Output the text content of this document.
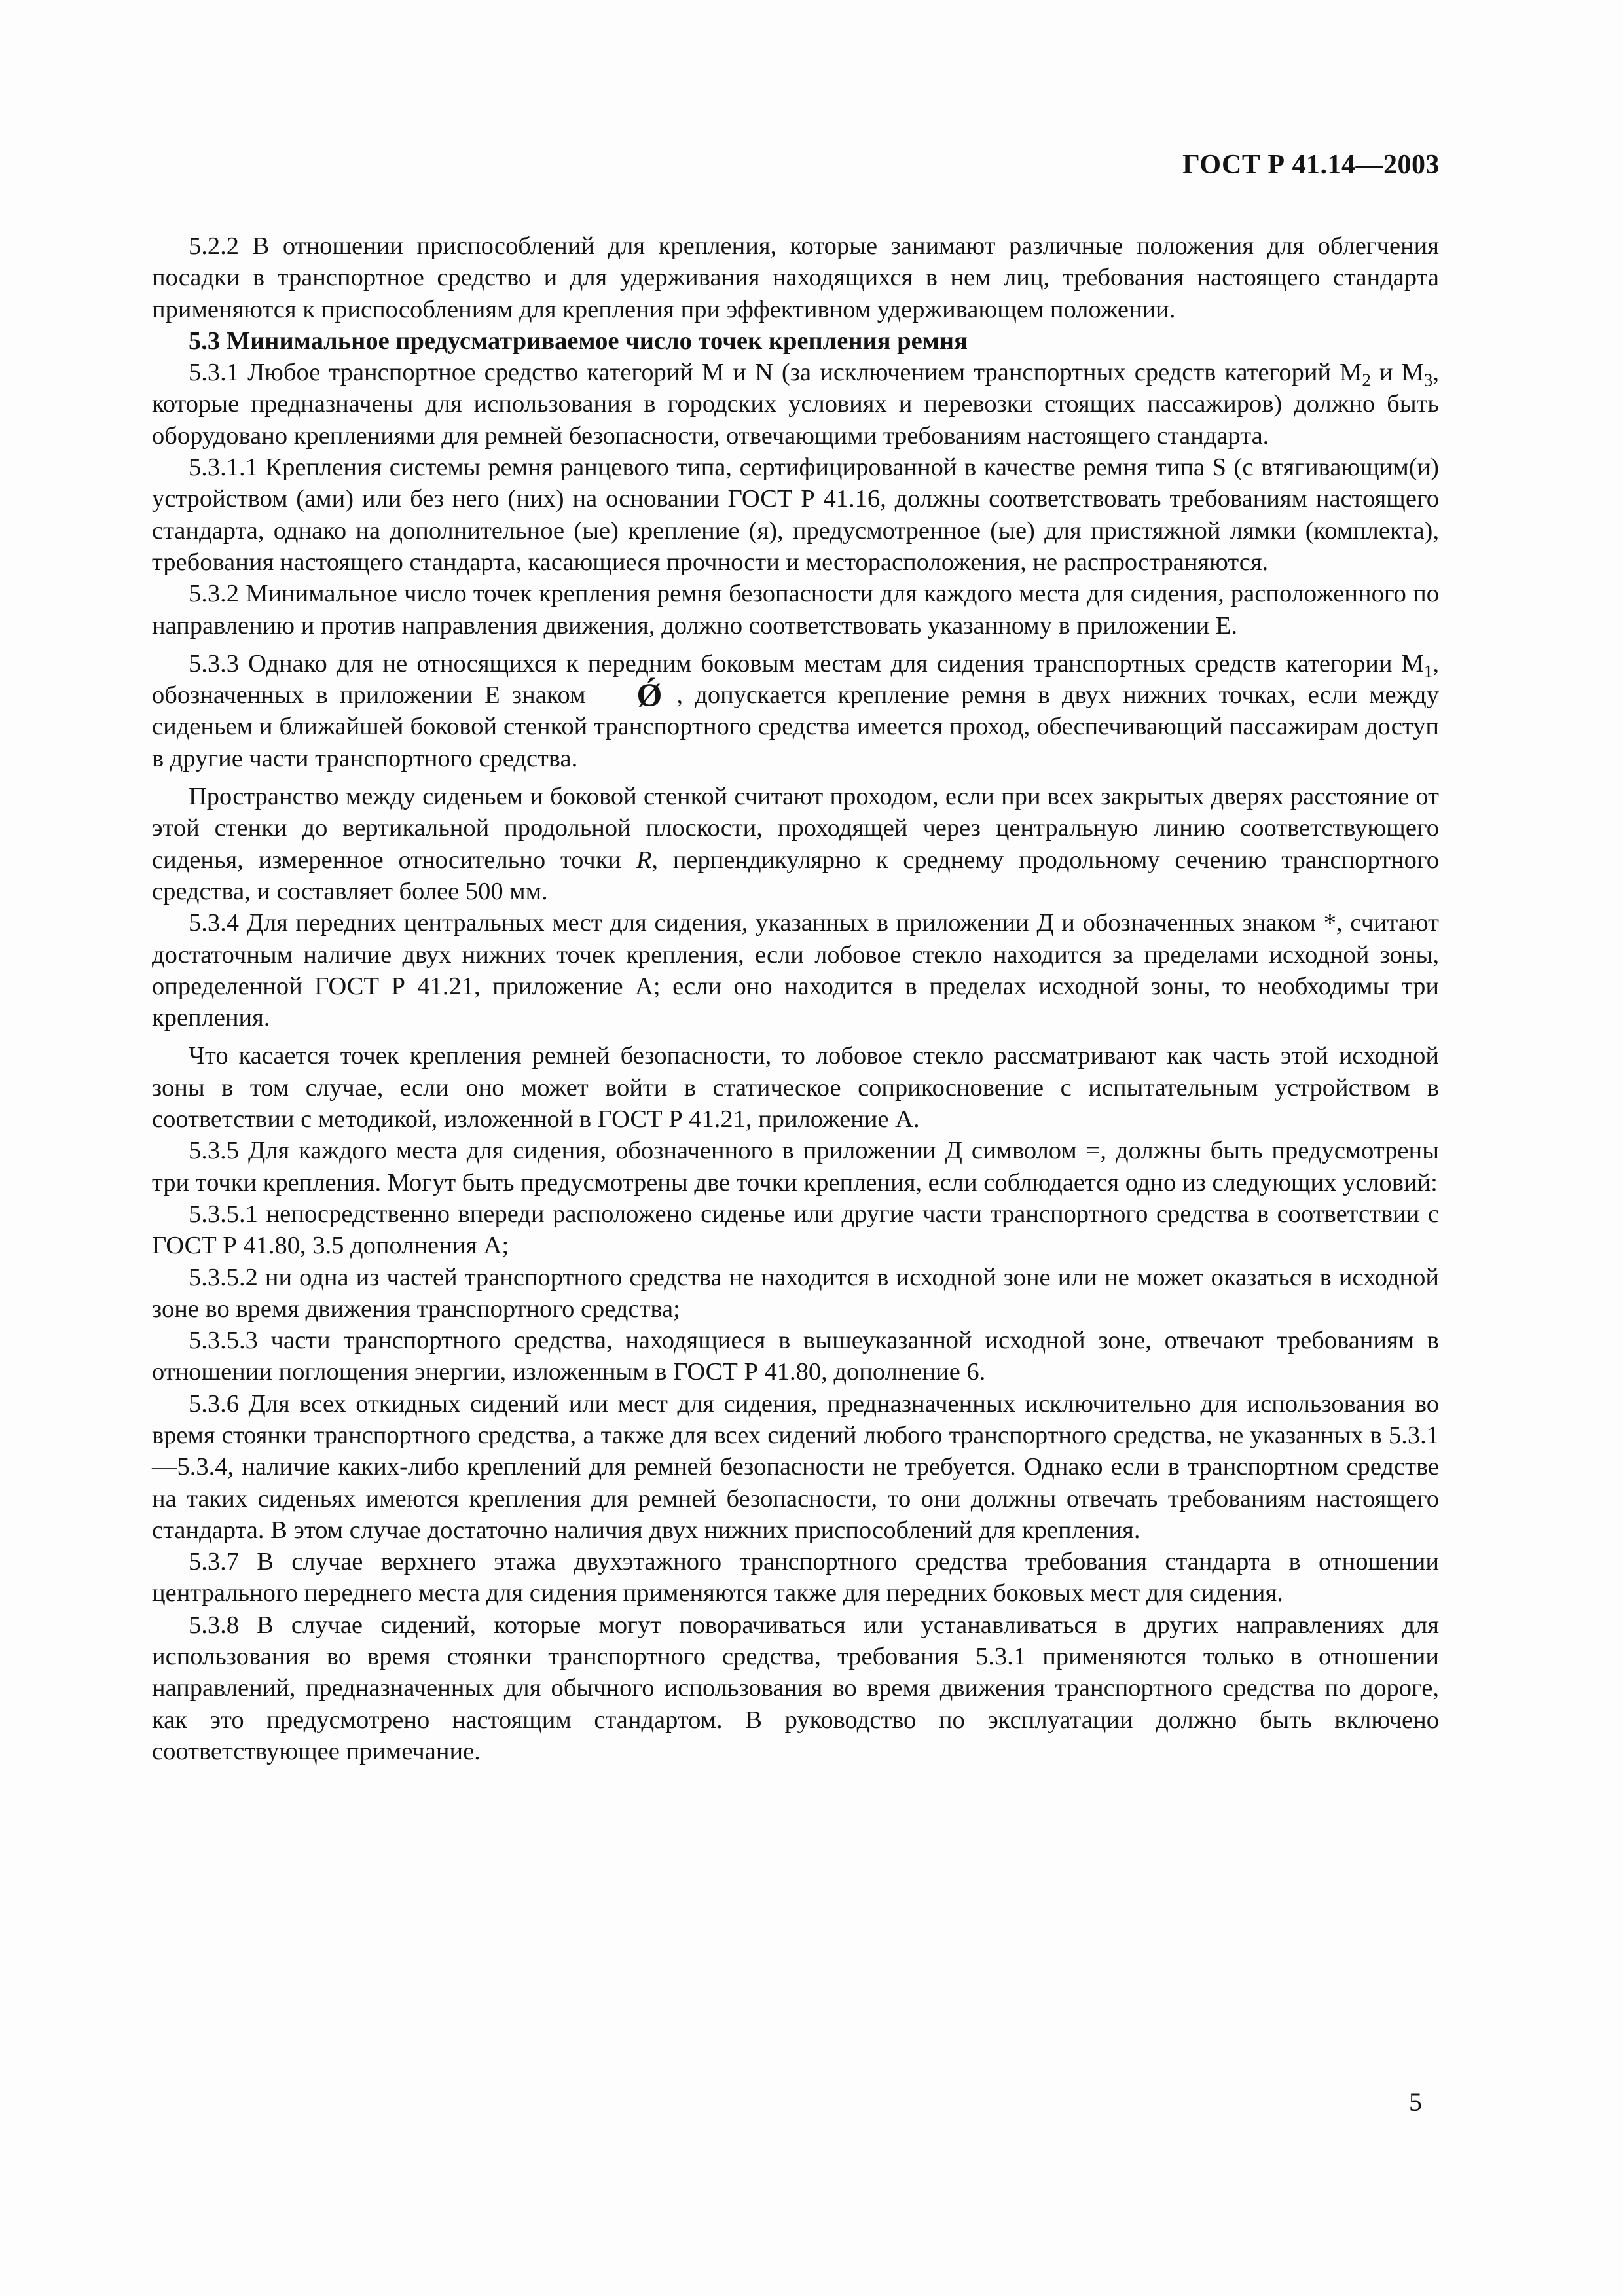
ГОСТ Р 41.14—2003

5.2.2 В отношении приспособлений для крепления, которые занимают различные положения для облегчения посадки в транспортное средство и для удерживания находящихся в нем лиц, требования настоящего стандарта применяются к приспособлениям для крепления при эффективном удерживающем положении.

5.3 Минимальное предусматриваемое число точек крепления ремня

5.3.1 Любое транспортное средство категорий М и N (за исключением транспортных средств категорий $М_2$ и $М_3$, которые предназначены для использования в городских условиях и перевозки стоящих пассажиров) должно быть оборудовано креплениями для ремней безопасности, отвечающими требованиям настоящего стандарта.

5.3.1.1 Крепления системы ремня ранцевого типа, сертифицированной в качестве ремня типа S (с втягивающим(и) устройством (ами) или без него (них) на основании ГОСТ Р 41.16, должны соответствовать требованиям настоящего стандарта, однако на дополнительное (ые) крепление (я), предусмотренное (ые) для пристяжной лямки (комплекта), требования настоящего стандарта, касающиеся прочности и месторасположения, не распространяются.

5.3.2 Минимальное число точек крепления ремня безопасности для каждого места для сидения, расположенного по направлению и против направления движения, должно соответствовать указанному в приложении Е.

5.3.3 Однако для не относящихся к передним боковым местам для сидения транспортных средств категории $М_1$, обозначенных в приложении Е знаком Ǿ , допускается крепление ремня в двух нижних точках, если между сиденьем и ближайшей боковой стенкой транспортного средства имеется проход, обеспечивающий пассажирам доступ в другие части транспортного средства.

Пространство между сиденьем и боковой стенкой считают проходом, если при всех закрытых дверях расстояние от этой стенки до вертикальной продольной плоскости, проходящей через центральную линию соответствующего сиденья, измеренное относительно точки R, перпендикулярно к среднему продольному сечению транспортного средства, и составляет более 500 мм.

5.3.4 Для передних центральных мест для сидения, указанных в приложении Д и обозначенных знаком *, считают достаточным наличие двух нижних точек крепления, если лобовое стекло находится за пределами исходной зоны, определенной ГОСТ Р 41.21, приложение А; если оно находится в пределах исходной зоны, то необходимы три крепления.

Что касается точек крепления ремней безопасности, то лобовое стекло рассматривают как часть этой исходной зоны в том случае, если оно может войти в статическое соприкосновение с испытательным устройством в соответствии с методикой, изложенной в ГОСТ Р 41.21, приложение А.

5.3.5 Для каждого места для сидения, обозначенного в приложении Д символом =, должны быть предусмотрены три точки крепления. Могут быть предусмотрены две точки крепления, если соблюдается одно из следующих условий:

5.3.5.1 непосредственно впереди расположено сиденье или другие части транспортного средства в соответствии с ГОСТ Р 41.80, 3.5 дополнения А;

5.3.5.2 ни одна из частей транспортного средства не находится в исходной зоне или не может оказаться в исходной зоне во время движения транспортного средства;

5.3.5.3 части транспортного средства, находящиеся в вышеуказанной исходной зоне, отвечают требованиям в отношении поглощения энергии, изложенным в ГОСТ Р 41.80, дополнение 6.

5.3.6 Для всех откидных сидений или мест для сидения, предназначенных исключительно для использования во время стоянки транспортного средства, а также для всех сидений любого транспортного средства, не указанных в 5.3.1—5.3.4, наличие каких-либо креплений для ремней безопасности не требуется. Однако если в транспортном средстве на таких сиденьях имеются крепления для ремней безопасности, то они должны отвечать требованиям настоящего стандарта. В этом случае достаточно наличия двух нижних приспособлений для крепления.

5.3.7 В случае верхнего этажа двухэтажного транспортного средства требования стандарта в отношении центрального переднего места для сидения применяются также для передних боковых мест для сидения.

5.3.8 В случае сидений, которые могут поворачиваться или устанавливаться в других направлениях для использования во время стоянки транспортного средства, требования 5.3.1 применяются только в отношении направлений, предназначенных для обычного использования во время движения транспортного средства по дороге, как это предусмотрено настоящим стандартом. В руководство по эксплуатации должно быть включено соответствующее примечание.

5
